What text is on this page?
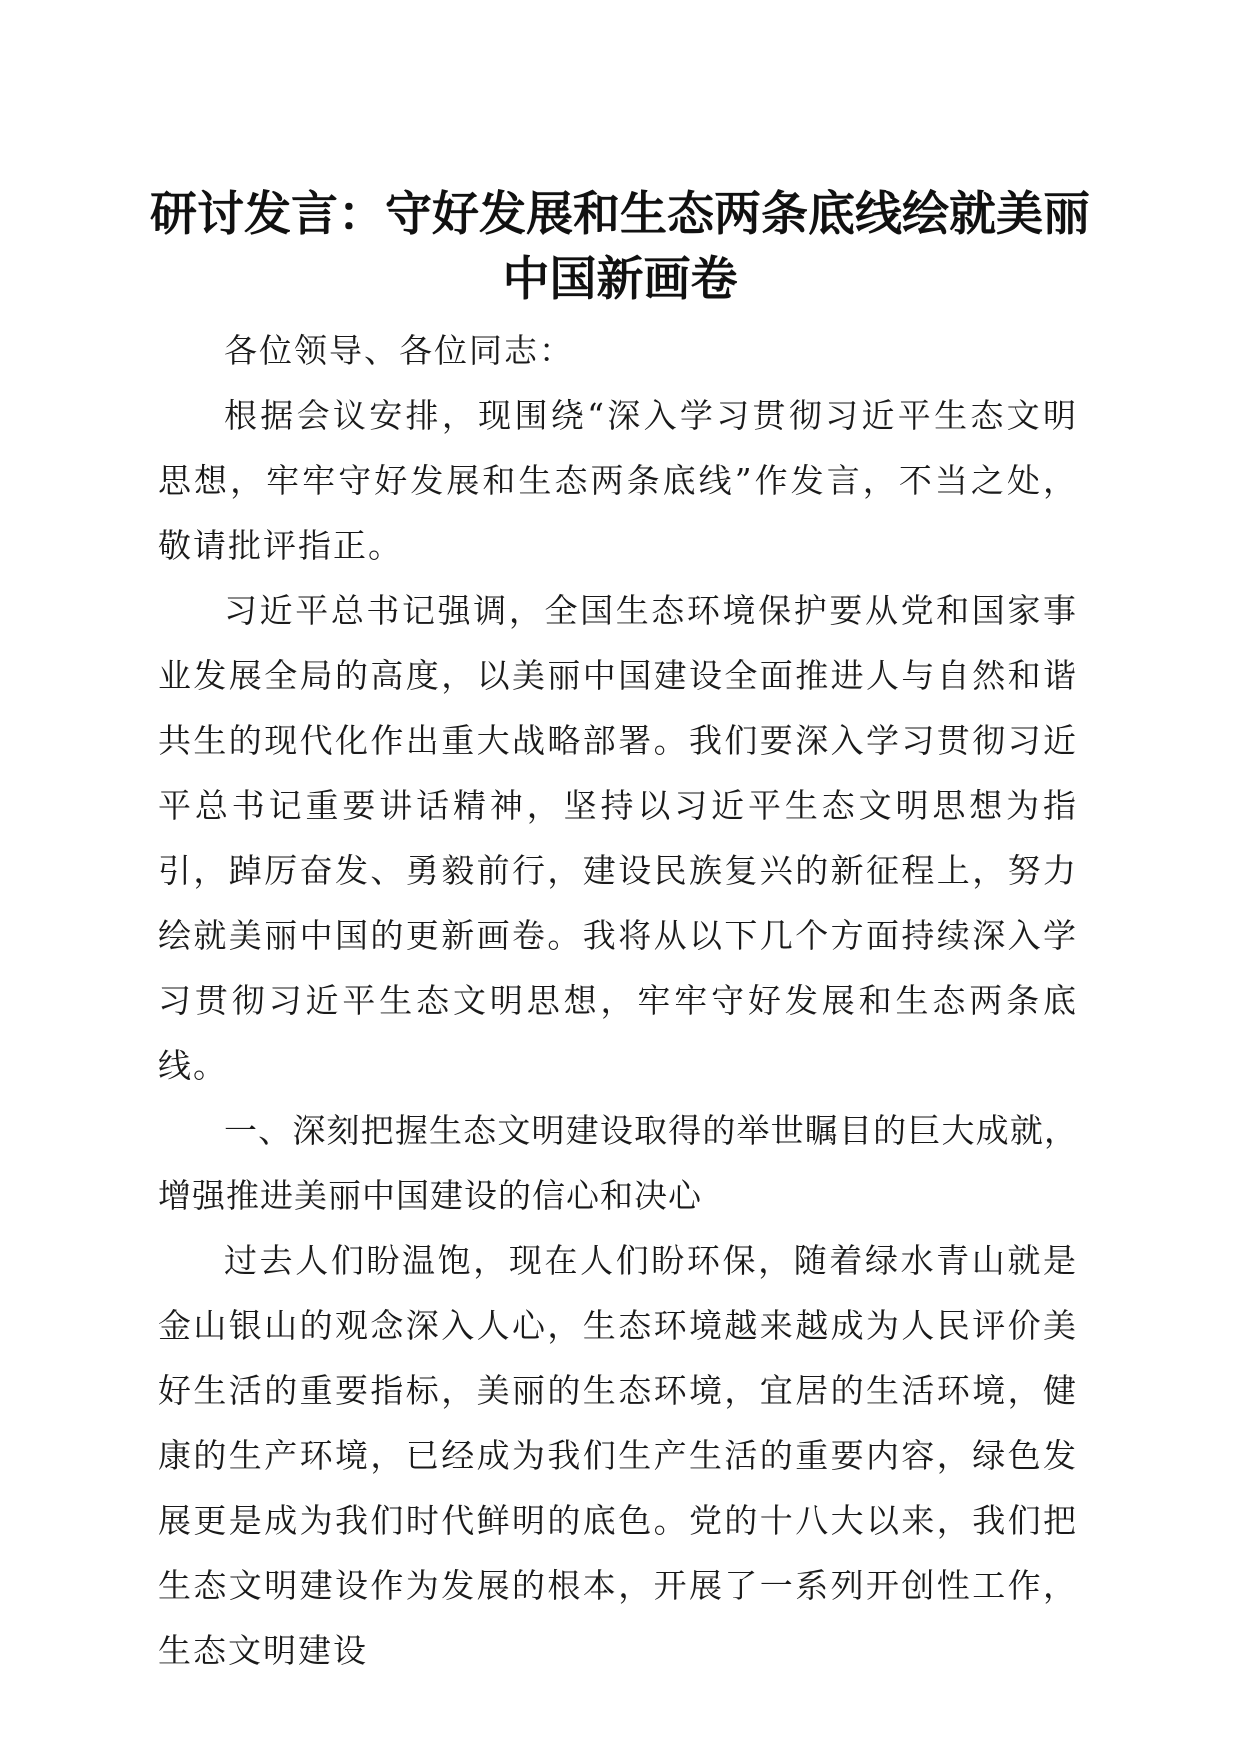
研讨发言：守好发展和生态两条底线绘就美丽
中国新画卷

各位领导、各位同志：

根据会议安排，现围绕“深入学习贯彻习近平生态文明思想，牢牢守好发展和生态两条底线”作发言，不当之处，敬请批评指正。

习近平总书记强调，全国生态环境保护要从党和国家事业发展全局的高度，以美丽中国建设全面推进人与自然和谐共生的现代化作出重大战略部署。我们要深入学习贯彻习近平总书记重要讲话精神，坚持以习近平生态文明思想为指引，踔厉奋发、勇毅前行，建设民族复兴的新征程上，努力绘就美丽中国的更新画卷。我将从以下几个方面持续深入学习贯彻习近平生态文明思想，牢牢守好发展和生态两条底线。

一、深刻把握生态文明建设取得的举世瞩目的巨大成就，增强推进美丽中国建设的信心和决心

过去人们盼温饱，现在人们盼环保，随着绿水青山就是金山银山的观念深入人心，生态环境越来越成为人民评价美好生活的重要指标，美丽的生态环境，宜居的生活环境，健康的生产环境，已经成为我们生产生活的重要内容，绿色发展更是成为我们时代鲜明的底色。党的十八大以来，我们把生态文明建设作为发展的根本，开展了一系列开创性工作，生态文明建设
